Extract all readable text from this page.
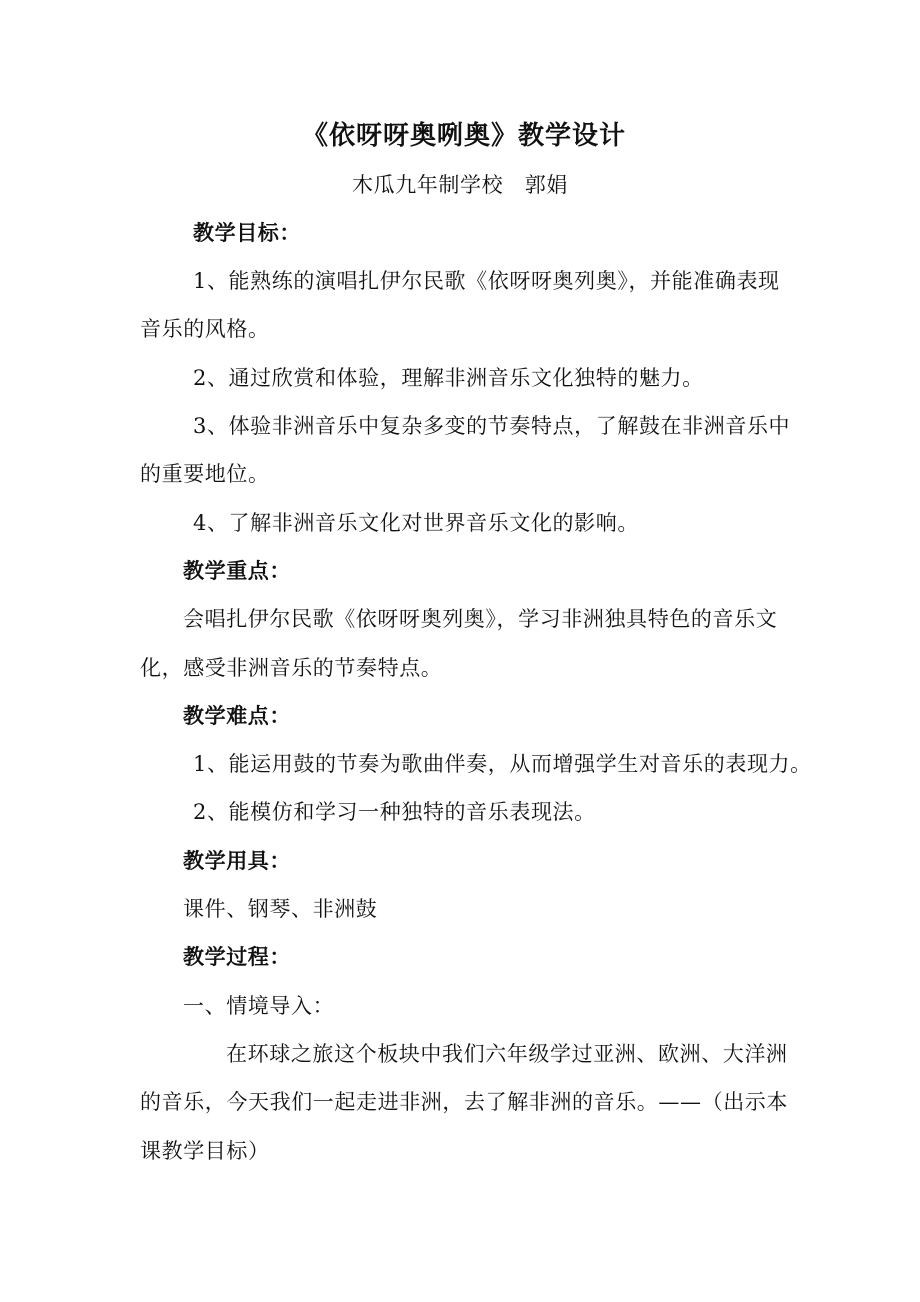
《依呀呀奥咧奥》教学设计
木瓜九年制学校　郭娟
教学目标：
1、能熟练的演唱扎伊尔民歌《依呀呀奥列奥》，并能准确表现
音乐的风格。
2、通过欣赏和体验，理解非洲音乐文化独特的魅力。
3、体验非洲音乐中复杂多变的节奏特点，了解鼓在非洲音乐中
的重要地位。
4、了解非洲音乐文化对世界音乐文化的影响。
教学重点：
会唱扎伊尔民歌《依呀呀奥列奥》，学习非洲独具特色的音乐文
化，感受非洲音乐的节奏特点。
教学难点：
1、能运用鼓的节奏为歌曲伴奏，从而增强学生对音乐的表现力。
2、能模仿和学习一种独特的音乐表现法。
教学用具：
课件、钢琴、非洲鼓
教学过程：
一、情境导入：
在环球之旅这个板块中我们六年级学过亚洲、欧洲、大洋洲
的音乐，今天我们一起走进非洲，去了解非洲的音乐。——（出示本
课教学目标）
